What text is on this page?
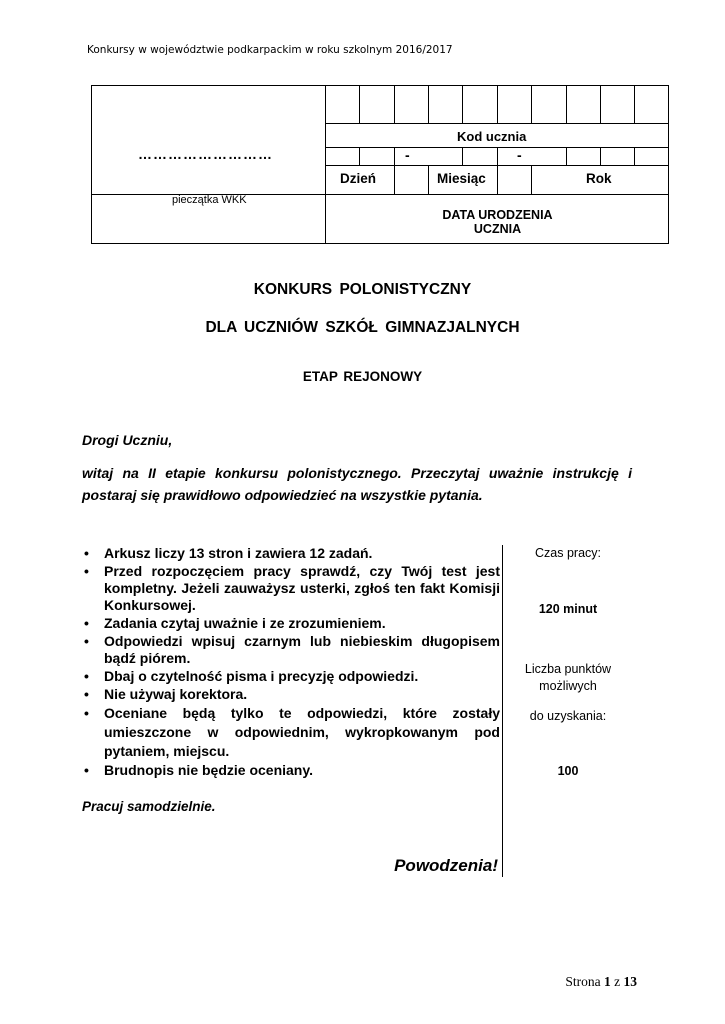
Konkursy w województwie podkarpackim w roku szkolnym 2016/2017
………………………
pieczątka WKK
Kod ucznia
-	-
Dzień	Miesiąc	Rok
DATA URODZENIA
UCZNIA
KONKURS POLONISTYCZNY
DLA UCZNIÓW SZKÓŁ GIMNAZJALNYCH
ETAP REJONOWY
Drogi Uczniu,
witaj na II etapie konkursu polonistycznego. Przeczytaj uważnie instrukcję i postaraj się prawidłowo odpowiedzieć na wszystkie pytania.
• Arkusz liczy 13 stron i zawiera 12 zadań.
• Przed rozpoczęciem pracy sprawdź, czy Twój test jest kompletny. Jeżeli zauważysz usterki, zgłoś ten fakt Komisji Konkursowej.
• Zadania czytaj uważnie i ze zrozumieniem.
• Odpowiedzi wpisuj czarnym lub niebieskim długopisem bądź piórem.
• Dbaj o czytelność pisma i precyzję odpowiedzi.
• Nie używaj korektora.
• Oceniane będą tylko te odpowiedzi, które zostały umieszczone w odpowiednim, wykropkowanym pod pytaniem, miejscu.
• Brudnopis nie będzie oceniany.
Czas pracy:
120 minut
Liczba punktów
możliwych
do uzyskania:
100
Pracuj samodzielnie.
Powodzenia!
Strona 1 z 13
